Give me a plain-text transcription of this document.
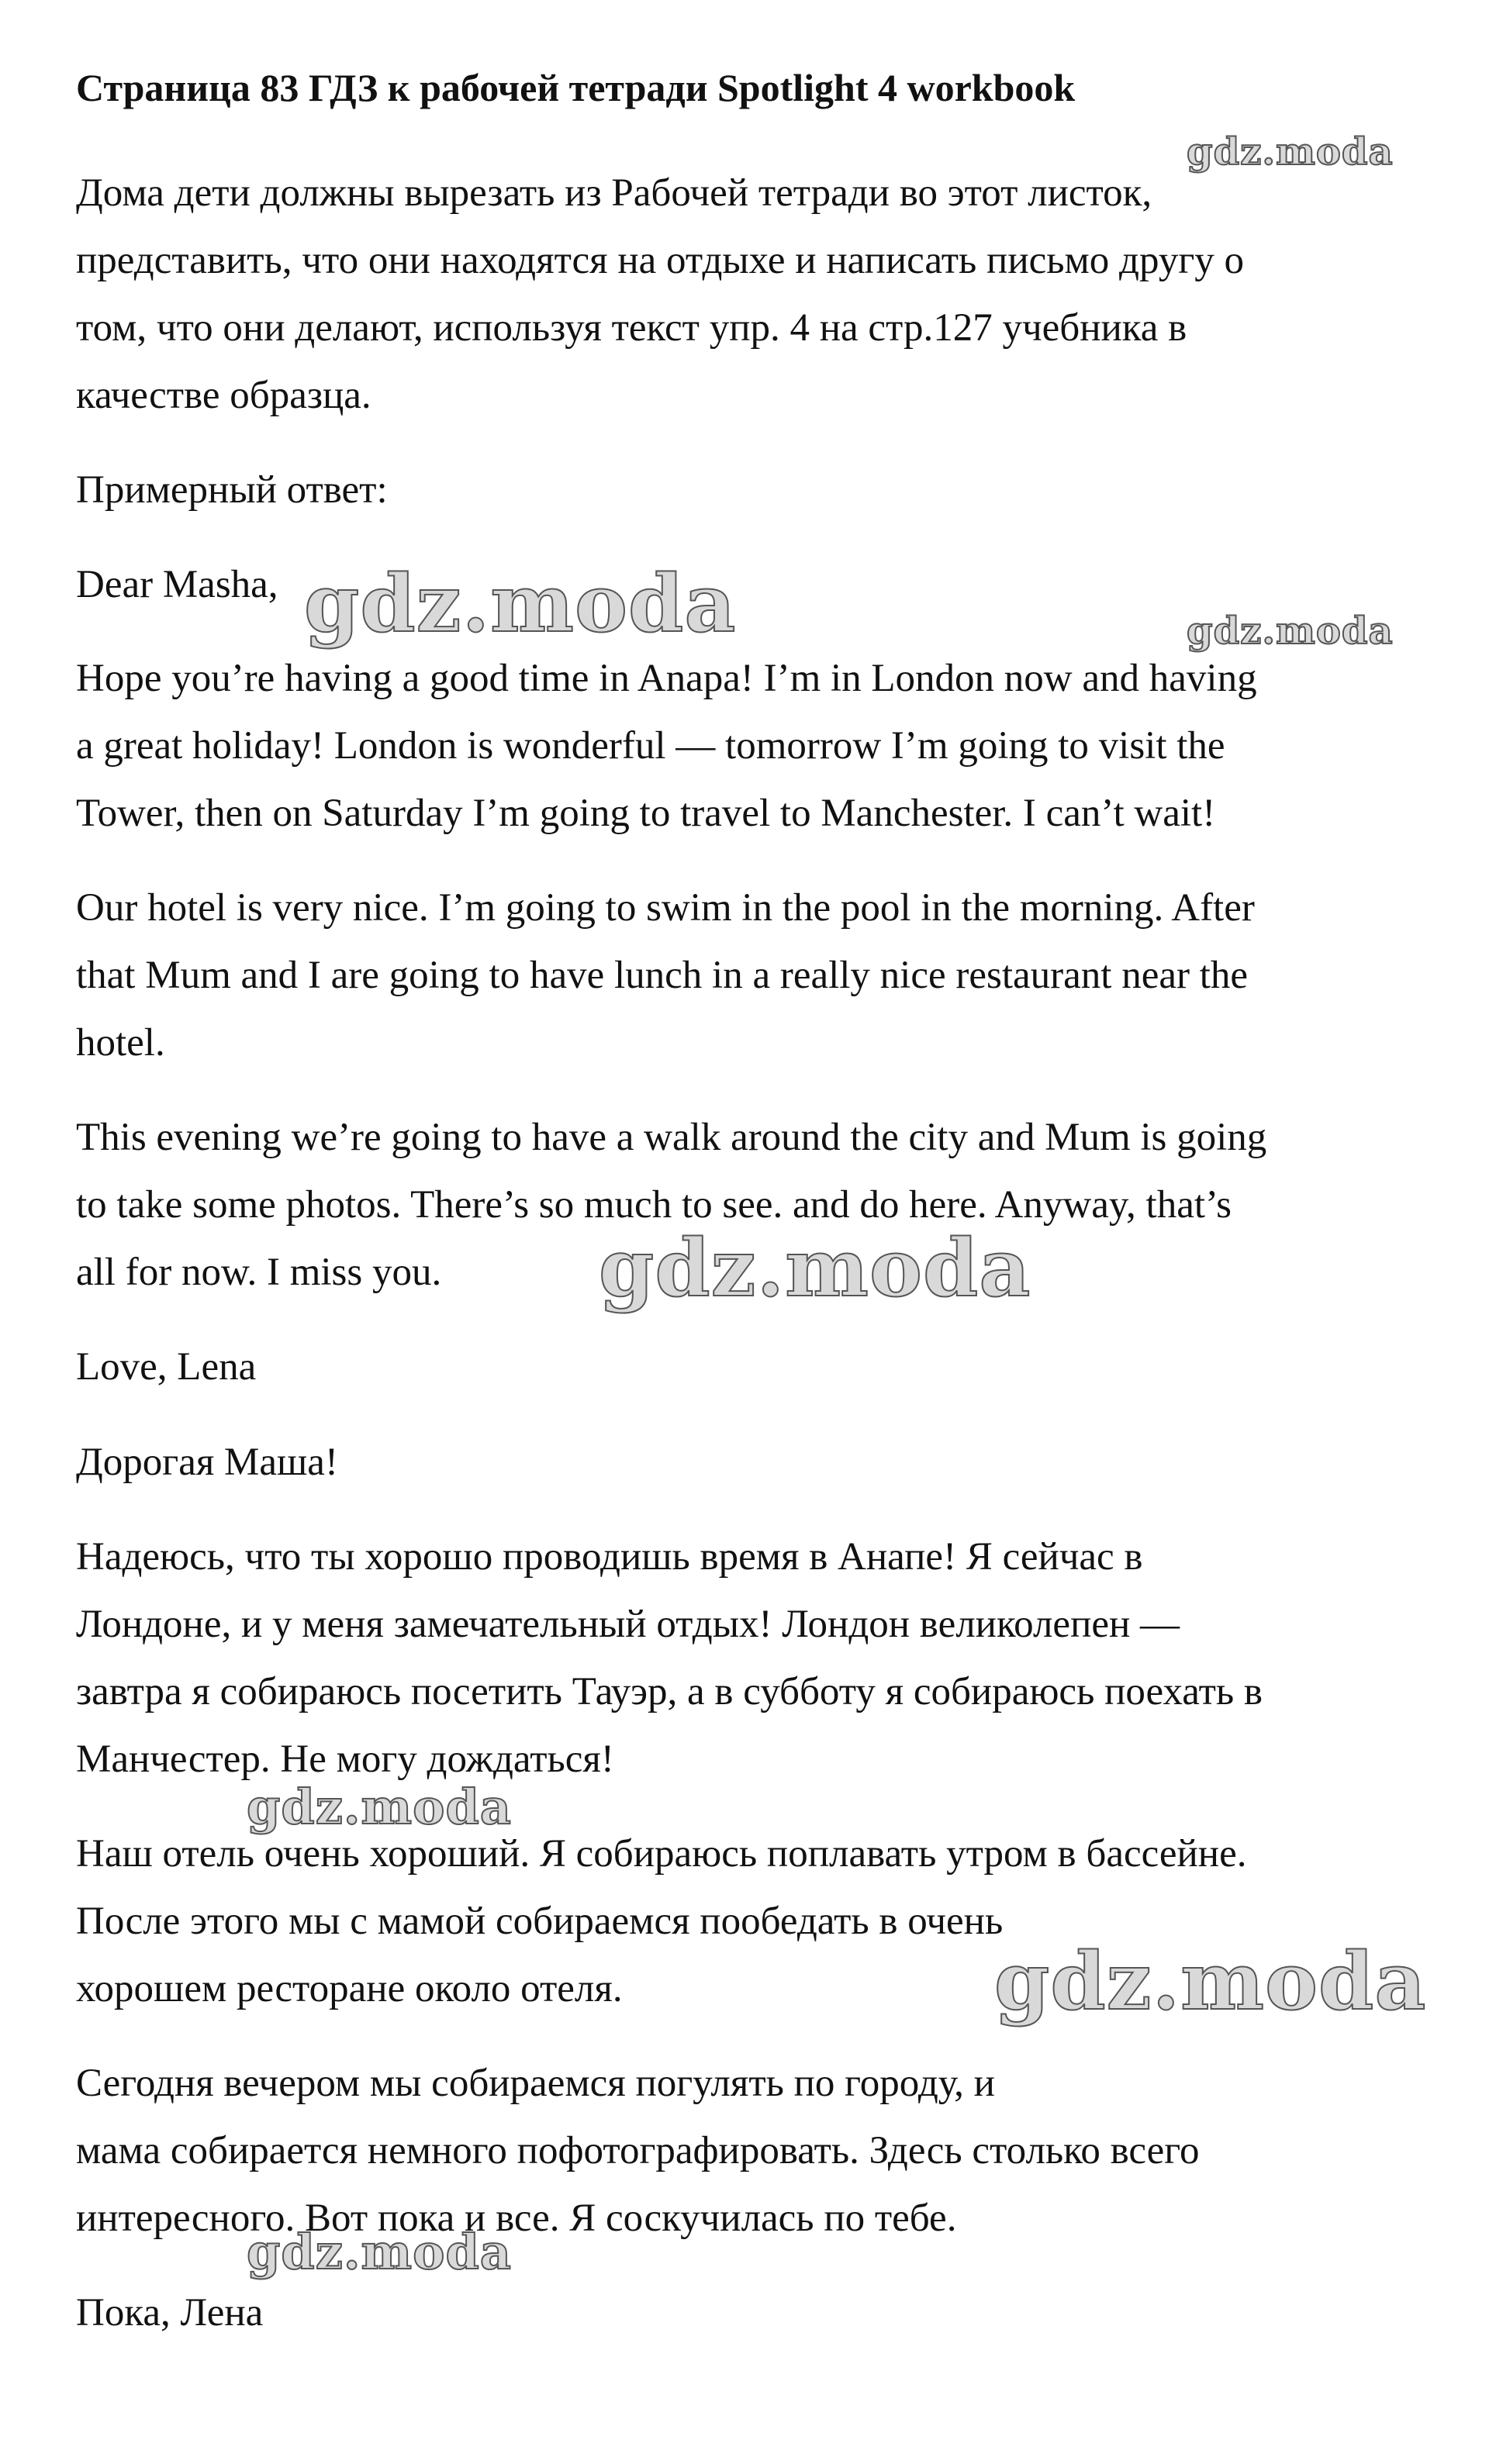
Страница 83 ГДЗ к рабочей тетради Spotlight 4 workbook

Дома дети должны вырезать из Рабочей тетради во этот листок,

представить, что они находятся на отдыхе и написать письмо другу о

том, что они делают, используя текст упр. 4 на стр.127 учебника в

качестве образца.

Примерный ответ:

Dear Masha,

Hope you’re having a good time in Anapa! I’m in London now and having

a great holiday! London is wonderful — tomorrow I’m going to visit the

Tower, then on Saturday I’m going to travel to Manchester. I can’t wait!

Our hotel is very nice. I’m going to swim in the pool in the morning. After

that Mum and I are going to have lunch in a really nice restaurant near the

hotel.

This evening we’re going to have a walk around the city and Mum is going

to take some photos. There’s so much to see. and do here. Anyway, that’s

all for now. I miss you.

Love, Lena

Дорогая Маша!

Надеюсь, что ты хорошо проводишь время в Анапе! Я сейчас в

Лондоне, и у меня замечательный отдых! Лондон великолепен —

завтра я собираюсь посетить Тауэр, а в субботу я собираюсь поехать в

Манчестер. Не могу дождаться!

Наш отель очень хороший. Я собираюсь поплавать утром в бассейне.

После этого мы с мамой собираемся пообедать в очень

хорошем ресторане около отеля.

Сегодня вечером мы собираемся погулять по городу, и

мама собирается немного пофотографировать. Здесь столько всего

интересного. Вот пока и все. Я соскучилась по тебе.

Пока, Лена

gdz.moda
gdz.moda	gdz.moda
gdz.moda
gdz.moda
gdz.moda
gdz.moda
